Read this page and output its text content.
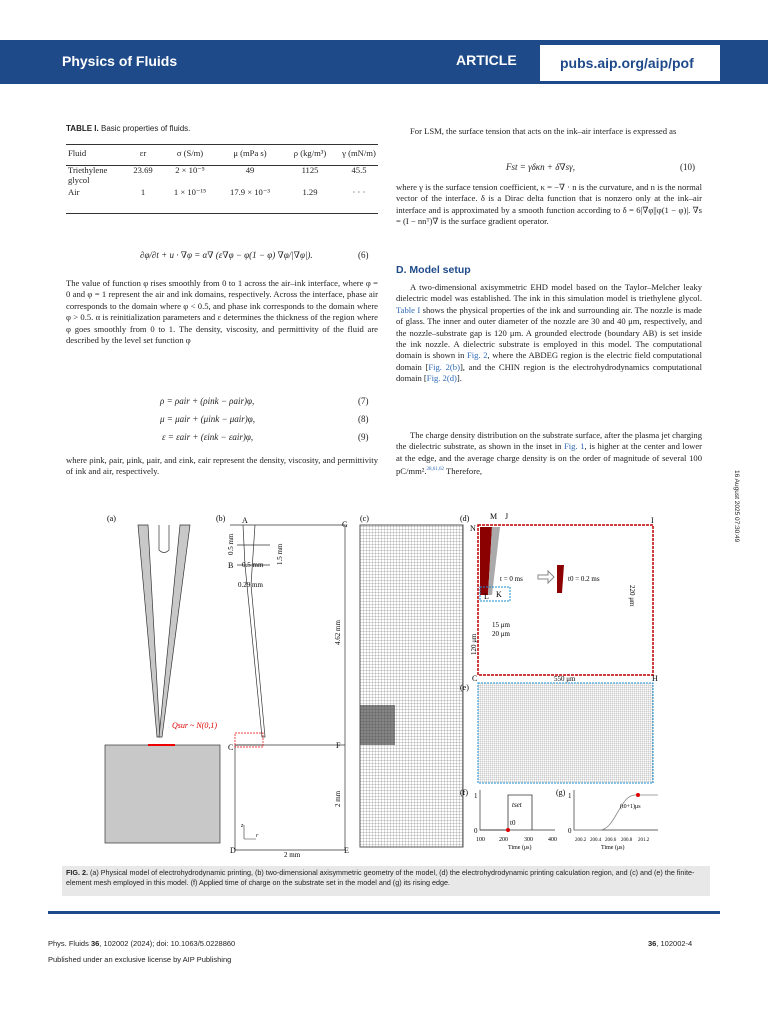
Physics of Fluids	ARTICLE	pubs.aip.org/aip/pof
TABLE I. Basic properties of fluids.
Fluid	εr	σ (S/m)	μ (mPa s)	ρ (kg/m³)	γ (mN/m)
Triethylene glycol	23.69	2 × 10⁻⁵	49	1125	45.5
Air	1	1 × 10⁻¹⁵	17.9 × 10⁻³	1.29	· · ·
∂φ/∂t + u · ∇φ = α∇ (ε∇φ − φ(1 − φ) ∇φ/|∇φ|).	(6)
The value of function φ rises smoothly from 0 to 1 across the air–ink interface, where φ = 0 and φ = 1 represent the air and ink domains, respectively. Across the interface, phase air corresponds to the domain where φ < 0.5, and phase ink corresponds to the domain where φ > 0.5. α is reinitialization parameters and ε determines the thickness of the region where φ goes smoothly from 0 to 1. The density, viscosity, and permittivity of the fluid are described by the level set function φ
ρ = ρair + (ρink − ρair)φ,	(7)
μ = μair + (μink − μair)φ,	(8)
ε = εair + (εink − εair)φ,	(9)
where ρink, ρair, μink, μair, and εink, εair represent the density, viscosity, and permittivity of ink and air, respectively.
For LSM, the surface tension that acts on the ink–air interface is expressed as
Fst = γδκn + δ∇sγ,	(10)
where γ is the surface tension coefficient, κ = −∇ · n is the curvature, and n is the normal vector of the interface. δ is a Dirac delta function that is nonzero only at the ink–air interface and is approximated by a smooth function according to δ = 6|∇φ||φ(1 − φ)|. ∇s = (I − nnᵀ)∇ is the surface gradient operator.
D. Model setup
A two-dimensional axisymmetric EHD model based on the Taylor–Melcher leaky dielectric model was established. The ink in this simulation model is triethylene glycol. Table I shows the physical properties of the ink and surrounding air. The nozzle is made of glass. The inner and outer diameter of the nozzle are 30 and 40 μm, respectively, and the nozzle–substrate gap is 120 μm. A grounded electrode (boundary AB) is set inside the ink nozzle. A dielectric substrate is employed in this model. The computational domain is shown in Fig. 2, where the ABDEG region is the electric field computational domain [Fig. 2(b)], and the CHIN region is the electrohydrodynamics computational domain [Fig. 2(d)].
The charge density distribution on the substrate surface, after the plasma jet charging the dielectric substrate, as shown in the inset in Fig. 1, is higher at the center and lower at the edge, and the average charge density is on the order of magnitude of several 100 pC/mm².$^{28,61,62}$ Therefore,
(a)
Qsur ~ N(0,1)
(b) A
B
C
D	E
F
G
0.5 mm
0.5 mm 1.5 mm
0.29 mm
4.62 mm
2 mm
2 mm
z
r
(c)	(d)	M J
N
I
L K
C	H
t = 0 ms	t0 = 0.2 ms
550 μm
220 μm
120 μm
15 μm
20 μm
(e)
(f) 1
0
tset
t0
100 200	300	400
Time (μs)
(g) 1
0
(t0+1)μs
200.2 200.4 200.6 200.8 201.2
Time (μs)
FIG. 2. (a) Physical model of electrohydrodynamic printing, (b) two-dimensional axisymmetric geometry of the model, (d) the electrohydrodynamic printing calculation region, and (c) and (e) the finite-element mesh employed in this model. (f) Applied time of charge on the substrate set in the model and (g) its rising edge.
Phys. Fluids 36, 102002 (2024); doi: 10.1063/5.0228860
Published under an exclusive license by AIP Publishing
36, 102002-4
16 August 2025 07:30:49
